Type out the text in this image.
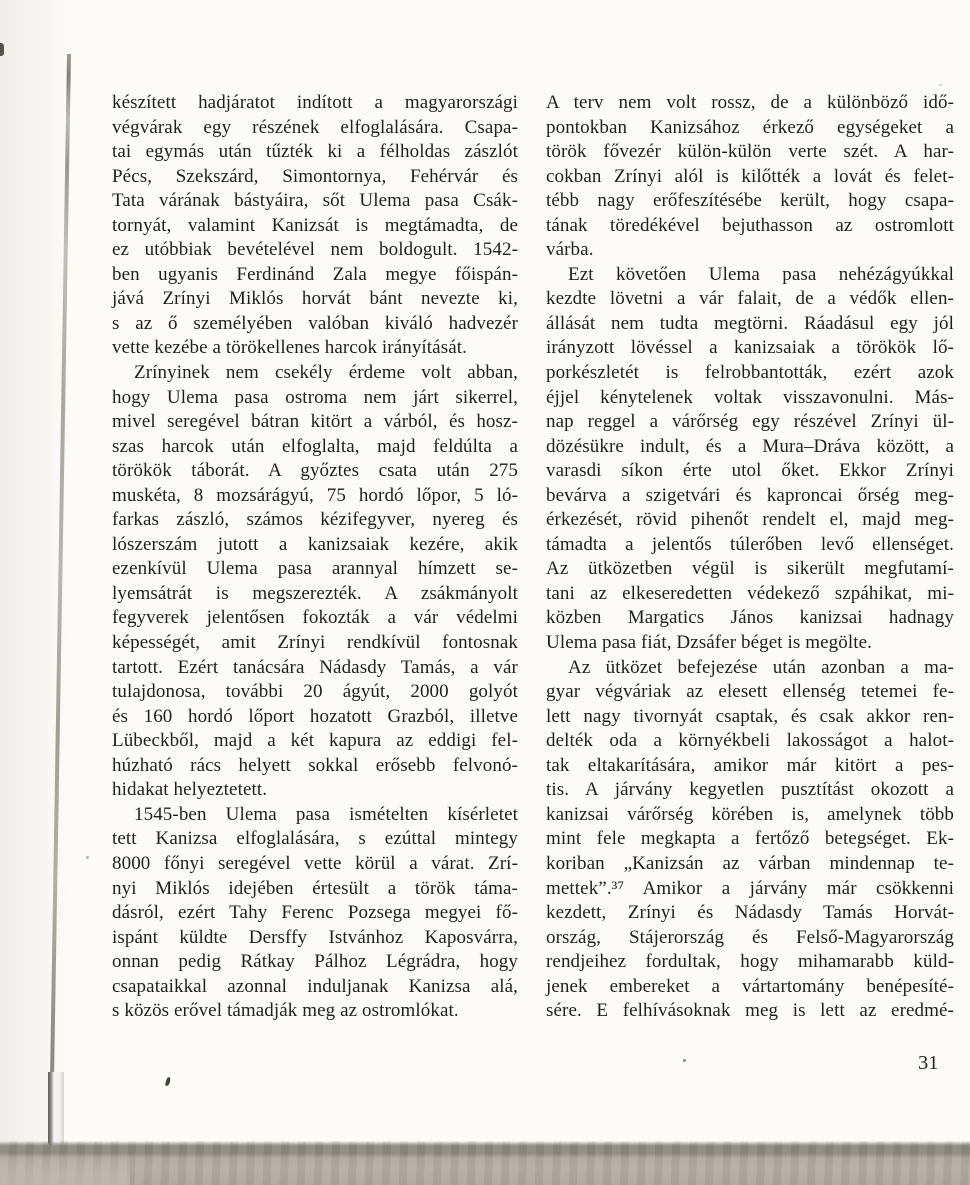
készített hadjáratot indított a magyarországi
végvárak egy részének elfoglalására. Csapa-
tai egymás után tűzték ki a félholdas zászlót
Pécs, Szekszárd, Simontornya, Fehérvár és
Tata várának bástyáira, sőt Ulema pasa Csák-
tornyát, valamint Kanizsát is megtámadta, de
ez utóbbiak bevételével nem boldogult. 1542-
ben ugyanis Ferdinánd Zala megye főispán-
jává Zrínyi Miklós horvát bánt nevezte ki,
s az ő személyében valóban kiváló hadvezér
vette kezébe a törökellenes harcok irányítását.
Zrínyinek nem csekély érdeme volt abban,
hogy Ulema pasa ostroma nem járt sikerrel,
mivel seregével bátran kitört a várból, és hosz-
szas harcok után elfoglalta, majd feldúlta a
törökök táborát. A győztes csata után 275
muskéta, 8 mozsárágyú, 75 hordó lőpor, 5 ló-
farkas zászló, számos kézifegyver, nyereg és
lószerszám jutott a kanizsaiak kezére, akik
ezenkívül Ulema pasa arannyal hímzett se-
lyemsátrát is megszerezték. A zsákmányolt
fegyverek jelentősen fokozták a vár védelmi
képességét, amit Zrínyi rendkívül fontosnak
tartott. Ezért tanácsára Nádasdy Tamás, a vár
tulajdonosa, további 20 ágyút, 2000 golyót
és 160 hordó lőport hozatott Grazból, illetve
Lübeckből, majd a két kapura az eddigi fel-
húzható rács helyett sokkal erősebb felvonó-
hidakat helyeztetett.
1545-ben Ulema pasa ismételten kísérletet
tett Kanizsa elfoglalására, s ezúttal mintegy
8000 főnyi seregével vette körül a várat. Zrí-
nyi Miklós idejében értesült a török táma-
dásról, ezért Tahy Ferenc Pozsega megyei fő-
ispánt küldte Dersffy Istvánhoz Kaposvárra,
onnan pedig Rátkay Pálhoz Légrádra, hogy
csapataikkal azonnal induljanak Kanizsa alá,
s közös erővel támadják meg az ostromlókat.
A terv nem volt rossz, de a különböző idő-
pontokban Kanizsához érkező egységeket a
török fővezér külön-külön verte szét. A har-
cokban Zrínyi alól is kilőtték a lovát és felet-
tébb nagy erőfeszítésébe került, hogy csapa-
tának töredékével bejuthasson az ostromlott
várba.
Ezt követően Ulema pasa nehézágyúkkal
kezdte lövetni a vár falait, de a védők ellen-
állását nem tudta megtörni. Ráadásul egy jól
irányzott lövéssel a kanizsaiak a törökök lő-
porkészletét is felrobbantották, ezért azok
éjjel kénytelenek voltak visszavonulni. Más-
nap reggel a várőrség egy részével Zrínyi ül-
dözésükre indult, és a Mura–Dráva között, a
varasdi síkon érte utol őket. Ekkor Zrínyi
bevárva a szigetvári és kaproncai őrség meg-
érkezését, rövid pihenőt rendelt el, majd meg-
támadta a jelentős túlerőben levő ellenséget.
Az ütközetben végül is sikerült megfutamí-
tani az elkeseredetten védekező szpáhikat, mi-
közben Margatics János kanizsai hadnagy
Ulema pasa fiát, Dzsáfer béget is megölte.
Az ütközet befejezése után azonban a ma-
gyar végváriak az elesett ellenség tetemei fe-
lett nagy tivornyát csaptak, és csak akkor ren-
delték oda a környékbeli lakosságot a halot-
tak eltakarítására, amikor már kitört a pes-
tis. A járvány kegyetlen pusztítást okozott a
kanizsai várőrség körében is, amelynek több
mint fele megkapta a fertőző betegséget. Ek-
koriban „Kanizsán az várban mindennap te-
mettek”.³⁷ Amikor a járvány már csökkenni
kezdett, Zrínyi és Nádasdy Tamás Horvát-
ország, Stájerország és Felső-Magyarország
rendjeihez fordultak, hogy mihamarabb küld-
jenek embereket a vártartomány benépesíté-
sére. E felhívásoknak meg is lett az eredmé-
31
